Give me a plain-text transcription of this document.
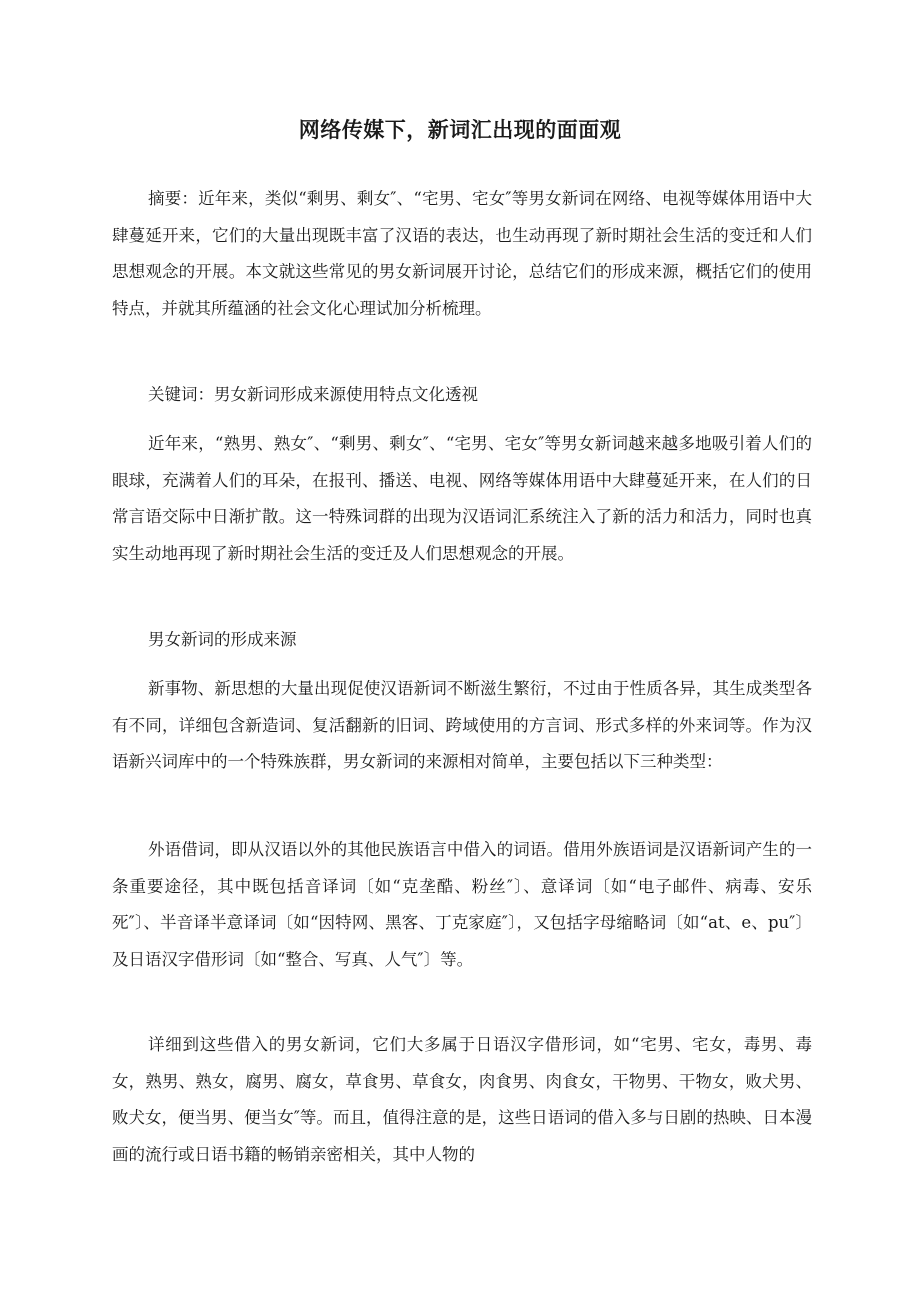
网络传媒下，新词汇出现的面面观

摘要：近年来，类似“剩男、剩女″、“宅男、宅女″等男女新词在网络、电视等媒体用语中大肆蔓延开来，它们的大量出现既丰富了汉语的表达，也生动再现了新时期社会生活的变迁和人们思想观念的开展。本文就这些常见的男女新词展开讨论，总结它们的形成来源，概括它们的使用特点，并就其所蕴涵的社会文化心理试加分析梳理。

关键词：男女新词形成来源使用特点文化透视

近年来，“熟男、熟女″、“剩男、剩女″、“宅男、宅女″等男女新词越来越多地吸引着人们的眼球，充满着人们的耳朵，在报刊、播送、电视、网络等媒体用语中大肆蔓延开来，在人们的日常言语交际中日渐扩散。这一特殊词群的出现为汉语词汇系统注入了新的活力和活力，同时也真实生动地再现了新时期社会生活的变迁及人们思想观念的开展。

男女新词的形成来源

新事物、新思想的大量出现促使汉语新词不断滋生繁衍，不过由于性质各异，其生成类型各有不同，详细包含新造词、复活翻新的旧词、跨域使用的方言词、形式多样的外来词等。作为汉语新兴词库中的一个特殊族群，男女新词的来源相对简单，主要包括以下三种类型：

外语借词，即从汉语以外的其他民族语言中借入的词语。借用外族语词是汉语新词产生的一条重要途径，其中既包括音译词〔如“克垄酷、粉丝″〕、意译词〔如“电子邮件、病毒、安乐死″〕、半音译半意译词〔如“因特网、黑客、丁克家庭″〕，又包括字母缩略词〔如“at、e、pu″〕及日语汉字借形词〔如“整合、写真、人气″〕等。

详细到这些借入的男女新词，它们大多属于日语汉字借形词，如“宅男、宅女，毒男、毒女，熟男、熟女，腐男、腐女，草食男、草食女，肉食男、肉食女，干物男、干物女，败犬男、败犬女，便当男、便当女″等。而且，值得注意的是，这些日语词的借入多与日剧的热映、日本漫画的流行或日语书籍的畅销亲密相关，其中人物的
